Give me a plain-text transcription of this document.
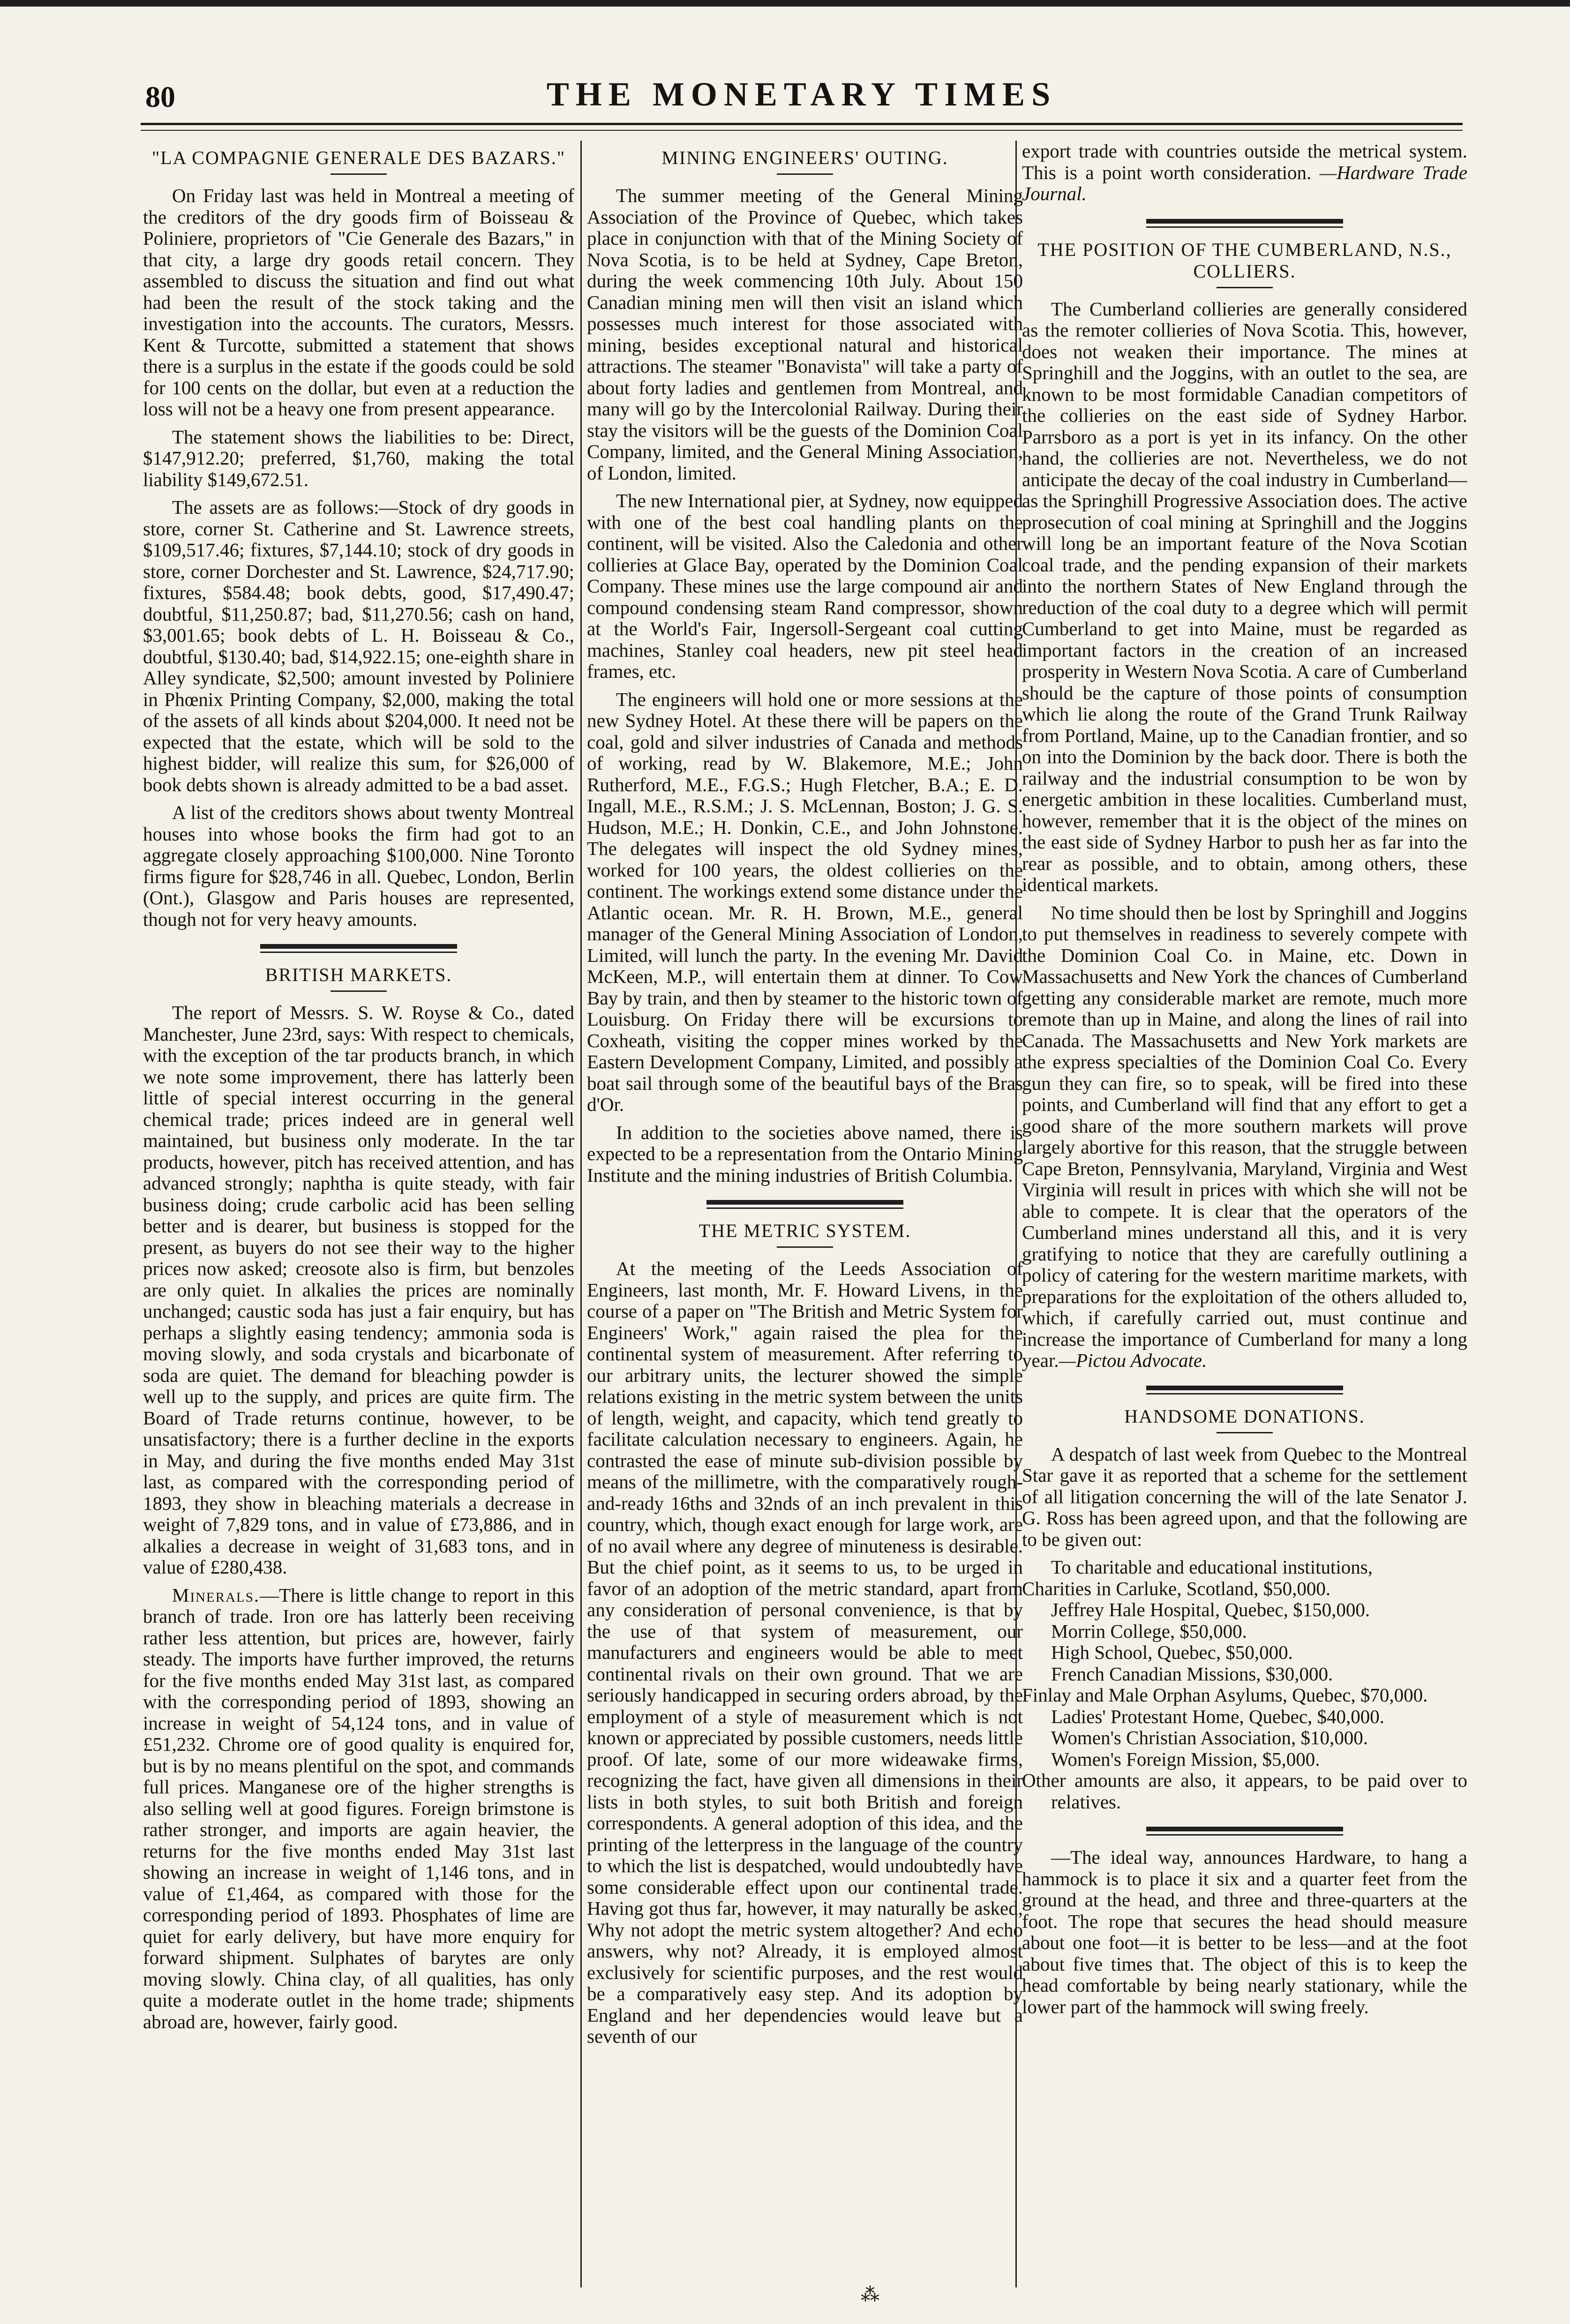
80	THE MONETARY TIMES
"LA COMPAGNIE GENERALE DES BAZARS."

On Friday last was held in Montreal a meeting of the creditors of the dry goods firm of Boisseau & Poliniere, proprietors of "Cie Generale des Bazars," in that city, a large dry goods retail concern. They assembled to discuss the situation and find out what had been the result of the stock taking and the investigation into the accounts. The curators, Messrs. Kent & Turcotte, submitted a statement that shows there is a surplus in the estate if the goods could be sold for 100 cents on the dollar, but even at a reduction the loss will not be a heavy one from present appearance.

The statement shows the liabilities to be: Direct, $147,912.20; preferred, $1,760, making the total liability $149,672.51.

The assets are as follows:—Stock of dry goods in store, corner St. Catherine and St. Lawrence streets, $109,517.46; fixtures, $7,144.10; stock of dry goods in store, corner Dorchester and St. Lawrence, $24,717.90; fixtures, $584.48; book debts, good, $17,490.47; doubtful, $11,250.87; bad, $11,270.56; cash on hand, $3,001.65; book debts of L. H. Boisseau & Co., doubtful, $130.40; bad, $14,922.15; one-eighth share in Alley syndicate, $2,500; amount invested by Poliniere in Phœnix Printing Company, $2,000, making the total of the assets of all kinds about $204,000. It need not be expected that the estate, which will be sold to the highest bidder, will realize this sum, for $26,000 of book debts shown is already admitted to be a bad asset.

A list of the creditors shows about twenty Montreal houses into whose books the firm had got to an aggregate closely approaching $100,000. Nine Toronto firms figure for $28,746 in all. Quebec, London, Berlin (Ont.), Glasgow and Paris houses are represented, though not for very heavy amounts.

BRITISH MARKETS.

The report of Messrs. S. W. Royse & Co., dated Manchester, June 23rd, says: With respect to chemicals, with the exception of the tar products branch, in which we note some improvement, there has latterly been little of special interest occurring in the general chemical trade; prices indeed are in general well maintained, but business only moderate. In the tar products, however, pitch has received attention, and has advanced strongly; naphtha is quite steady, with fair business doing; crude carbolic acid has been selling better and is dearer, but business is stopped for the present, as buyers do not see their way to the higher prices now asked; creosote also is firm, but benzoles are only quiet. In alkalies the prices are nominally unchanged; caustic soda has just a fair enquiry, but has perhaps a slightly easing tendency; ammonia soda is moving slowly, and soda crystals and bicarbonate of soda are quiet. The demand for bleaching powder is well up to the supply, and prices are quite firm. The Board of Trade returns continue, however, to be unsatisfactory; there is a further decline in the exports in May, and during the five months ended May 31st last, as compared with the corresponding period of 1893, they show in bleaching materials a decrease in weight of 7,829 tons, and in value of £73,886, and in alkalies a decrease in weight of 31,683 tons, and in value of £280,438.

Minerals.—There is little change to report in this branch of trade. Iron ore has latterly been receiving rather less attention, but prices are, however, fairly steady. The imports have further improved, the returns for the five months ended May 31st last, as compared with the corresponding period of 1893, showing an increase in weight of 54,124 tons, and in value of £51,232. Chrome ore of good quality is enquired for, but is by no means plentiful on the spot, and commands full prices. Manganese ore of the higher strengths is also selling well at good figures. Foreign brimstone is rather stronger, and imports are again heavier, the returns for the five months ended May 31st last showing an increase in weight of 1,146 tons, and in value of £1,464, as compared with those for the corresponding period of 1893. Phosphates of lime are quiet for early delivery, but have more enquiry for forward shipment. Sulphates of barytes are only moving slowly. China clay, of all qualities, has only quite a moderate outlet in the home trade; shipments abroad are, however, fairly good.

MINING ENGINEERS' OUTING.

The summer meeting of the General Mining Association of the Province of Quebec, which takes place in conjunction with that of the Mining Society of Nova Scotia, is to be held at Sydney, Cape Breton, during the week commencing 10th July. About 150 Canadian mining men will then visit an island which possesses much interest for those associated with mining, besides exceptional natural and historical attractions. The steamer "Bonavista" will take a party of about forty ladies and gentlemen from Montreal, and many will go by the Intercolonial Railway. During their stay the visitors will be the guests of the Dominion Coal Company, limited, and the General Mining Association, of London, limited.

The new International pier, at Sydney, now equipped with one of the best coal handling plants on the continent, will be visited. Also the Caledonia and other collieries at Glace Bay, operated by the Dominion Coal Company. These mines use the large compound air and compound condensing steam Rand compressor, shown at the World's Fair, Ingersoll-Sergeant coal cutting machines, Stanley coal headers, new pit steel head frames, etc.

The engineers will hold one or more sessions at the new Sydney Hotel. At these there will be papers on the coal, gold and silver industries of Canada and methods of working, read by W. Blakemore, M.E.; John Rutherford, M.E., F.G.S.; Hugh Fletcher, B.A.; E. D. Ingall, M.E., R.S.M.; J. S. McLennan, Boston; J. G. S. Hudson, M.E.; H. Donkin, C.E., and John Johnstone. The delegates will inspect the old Sydney mines, worked for 100 years, the oldest collieries on the continent. The workings extend some distance under the Atlantic ocean. Mr. R. H. Brown, M.E., general manager of the General Mining Association of London, Limited, will lunch the party. In the evening Mr. David McKeen, M.P., will entertain them at dinner. To Cow Bay by train, and then by steamer to the historic town of Louisburg. On Friday there will be excursions to Coxheath, visiting the copper mines worked by the Eastern Development Company, Limited, and possibly a boat sail through some of the beautiful bays of the Bras d'Or.

In addition to the societies above named, there is expected to be a representation from the Ontario Mining Institute and the mining industries of British Columbia.

THE METRIC SYSTEM.

At the meeting of the Leeds Association of Engineers, last month, Mr. F. Howard Livens, in the course of a paper on "The British and Metric System for Engineers' Work," again raised the plea for the continental system of measurement. After referring to our arbitrary units, the lecturer showed the simple relations existing in the metric system between the units of length, weight, and capacity, which tend greatly to facilitate calculation necessary to engineers. Again, he contrasted the ease of minute sub-division possible by means of the millimetre, with the comparatively rough-and-ready 16ths and 32nds of an inch prevalent in this country, which, though exact enough for large work, are of no avail where any degree of minuteness is desirable. But the chief point, as it seems to us, to be urged in favor of an adoption of the metric standard, apart from any consideration of personal convenience, is that by the use of that system of measurement, our manufacturers and engineers would be able to meet continental rivals on their own ground. That we are seriously handicapped in securing orders abroad, by the employment of a style of measurement which is not known or appreciated by possible customers, needs little proof. Of late, some of our more wideawake firms, recognizing the fact, have given all dimensions in their lists in both styles, to suit both British and foreign correspondents. A general adoption of this idea, and the printing of the letterpress in the language of the country to which the list is despatched, would undoubtedly have some considerable effect upon our continental trade. Having got thus far, however, it may naturally be asked, Why not adopt the metric system altogether? And echo answers, why not? Already, it is employed almost exclusively for scientific purposes, and the rest would be a comparatively easy step. And its adoption by England and her dependencies would leave but a seventh of our

export trade with countries outside the metrical system. This is a point worth consideration. —Hardware Trade Journal.

THE POSITION OF THE CUMBERLAND, N.S., COLLIERS.

The Cumberland collieries are generally considered as the remoter collieries of Nova Scotia. This, however, does not weaken their importance. The mines at Springhill and the Joggins, with an outlet to the sea, are known to be most formidable Canadian competitors of the collieries on the east side of Sydney Harbor. Parrsboro as a port is yet in its infancy. On the other hand, the collieries are not. Nevertheless, we do not anticipate the decay of the coal industry in Cumberland—as the Springhill Progressive Association does. The active prosecution of coal mining at Springhill and the Joggins will long be an important feature of the Nova Scotian coal trade, and the pending expansion of their markets into the northern States of New England through the reduction of the coal duty to a degree which will permit Cumberland to get into Maine, must be regarded as important factors in the creation of an increased prosperity in Western Nova Scotia. A care of Cumberland should be the capture of those points of consumption which lie along the route of the Grand Trunk Railway from Portland, Maine, up to the Canadian frontier, and so on into the Dominion by the back door. There is both the railway and the industrial consumption to be won by energetic ambition in these localities. Cumberland must, however, remember that it is the object of the mines on the east side of Sydney Harbor to push her as far into the rear as possible, and to obtain, among others, these identical markets.

No time should then be lost by Springhill and Joggins to put themselves in readiness to severely compete with the Dominion Coal Co. in Maine, etc. Down in Massachusetts and New York the chances of Cumberland getting any considerable market are remote, much more remote than up in Maine, and along the lines of rail into Canada. The Massachusetts and New York markets are the express specialties of the Dominion Coal Co. Every gun they can fire, so to speak, will be fired into these points, and Cumberland will find that any effort to get a good share of the more southern markets will prove largely abortive for this reason, that the struggle between Cape Breton, Pennsylvania, Maryland, Virginia and West Virginia will result in prices with which she will not be able to compete. It is clear that the operators of the Cumberland mines understand all this, and it is very gratifying to notice that they are carefully outlining a policy of catering for the western maritime markets, with preparations for the exploitation of the others alluded to, which, if carefully carried out, must continue and increase the importance of Cumberland for many a long year.—Pictou Advocate.

HANDSOME DONATIONS.

A despatch of last week from Quebec to the Montreal Star gave it as reported that a scheme for the settlement of all litigation concerning the will of the late Senator J. G. Ross has been agreed upon, and that the following are to be given out:

To charitable and educational institutions,

Charities in Carluke, Scotland, $50,000.

Jeffrey Hale Hospital, Quebec, $150,000.

Morrin College, $50,000.

High School, Quebec, $50,000.

French Canadian Missions, $30,000.

Finlay and Male Orphan Asylums, Quebec, $70,000.

Ladies' Protestant Home, Quebec, $40,000.

Women's Christian Association, $10,000.

Women's Foreign Mission, $5,000.

Other amounts are also, it appears, to be paid over to relatives.

—The ideal way, announces Hardware, to hang a hammock is to place it six and a quarter feet from the ground at the head, and three and three-quarters at the foot. The rope that secures the head should measure about one foot—it is better to be less—and at the foot about five times that. The object of this is to keep the head comfortable by being nearly stationary, while the lower part of the hammock will swing freely.

⁂
